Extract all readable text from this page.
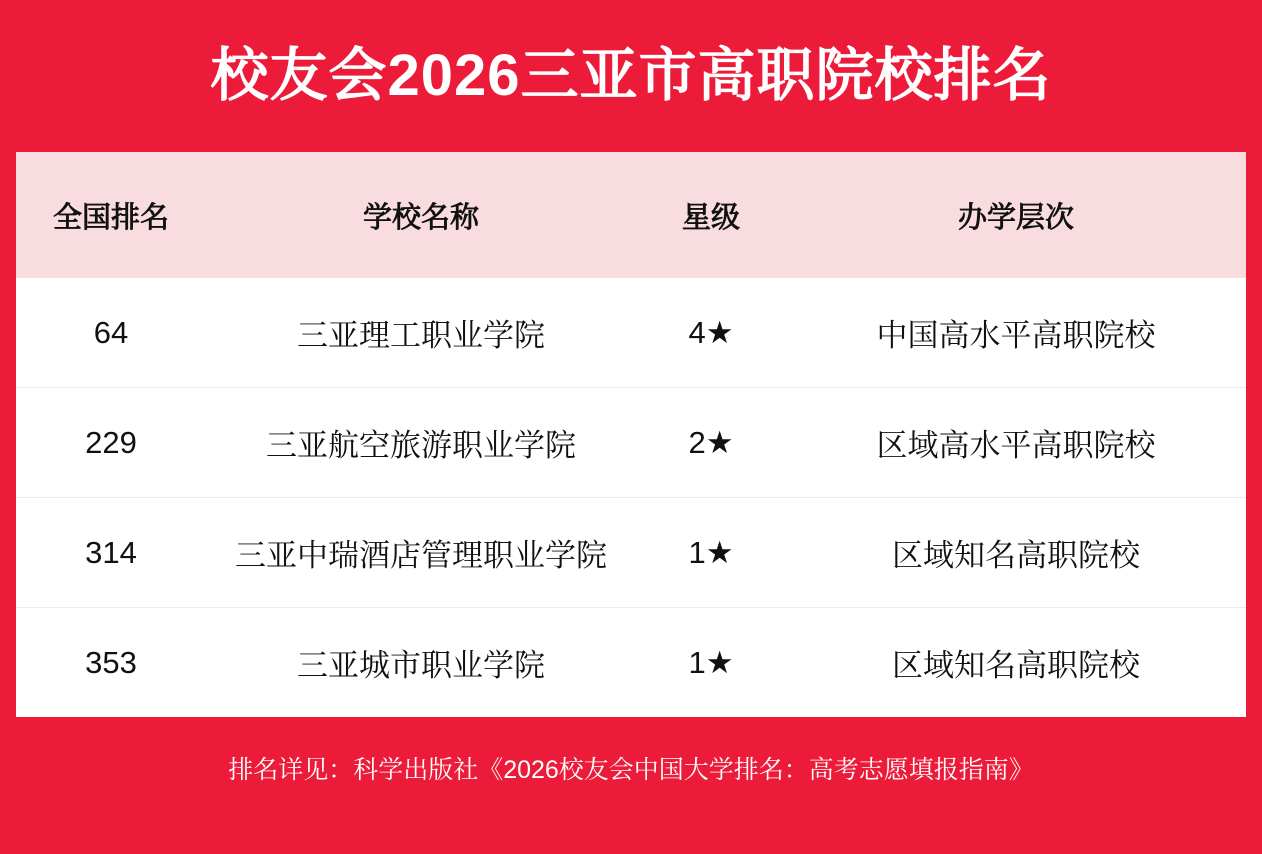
校友会2026三亚市高职院校排名
全国排名	学校名称	星级	办学层次
64	三亚理工职业学院	4★	中国高水平高职院校
229	三亚航空旅游职业学院	2★	区域高水平高职院校
314	三亚中瑞酒店管理职业学院	1★	区域知名高职院校
353	三亚城市职业学院	1★	区域知名高职院校
排名详见：科学出版社《2026校友会中国大学排名：高考志愿填报指南》
